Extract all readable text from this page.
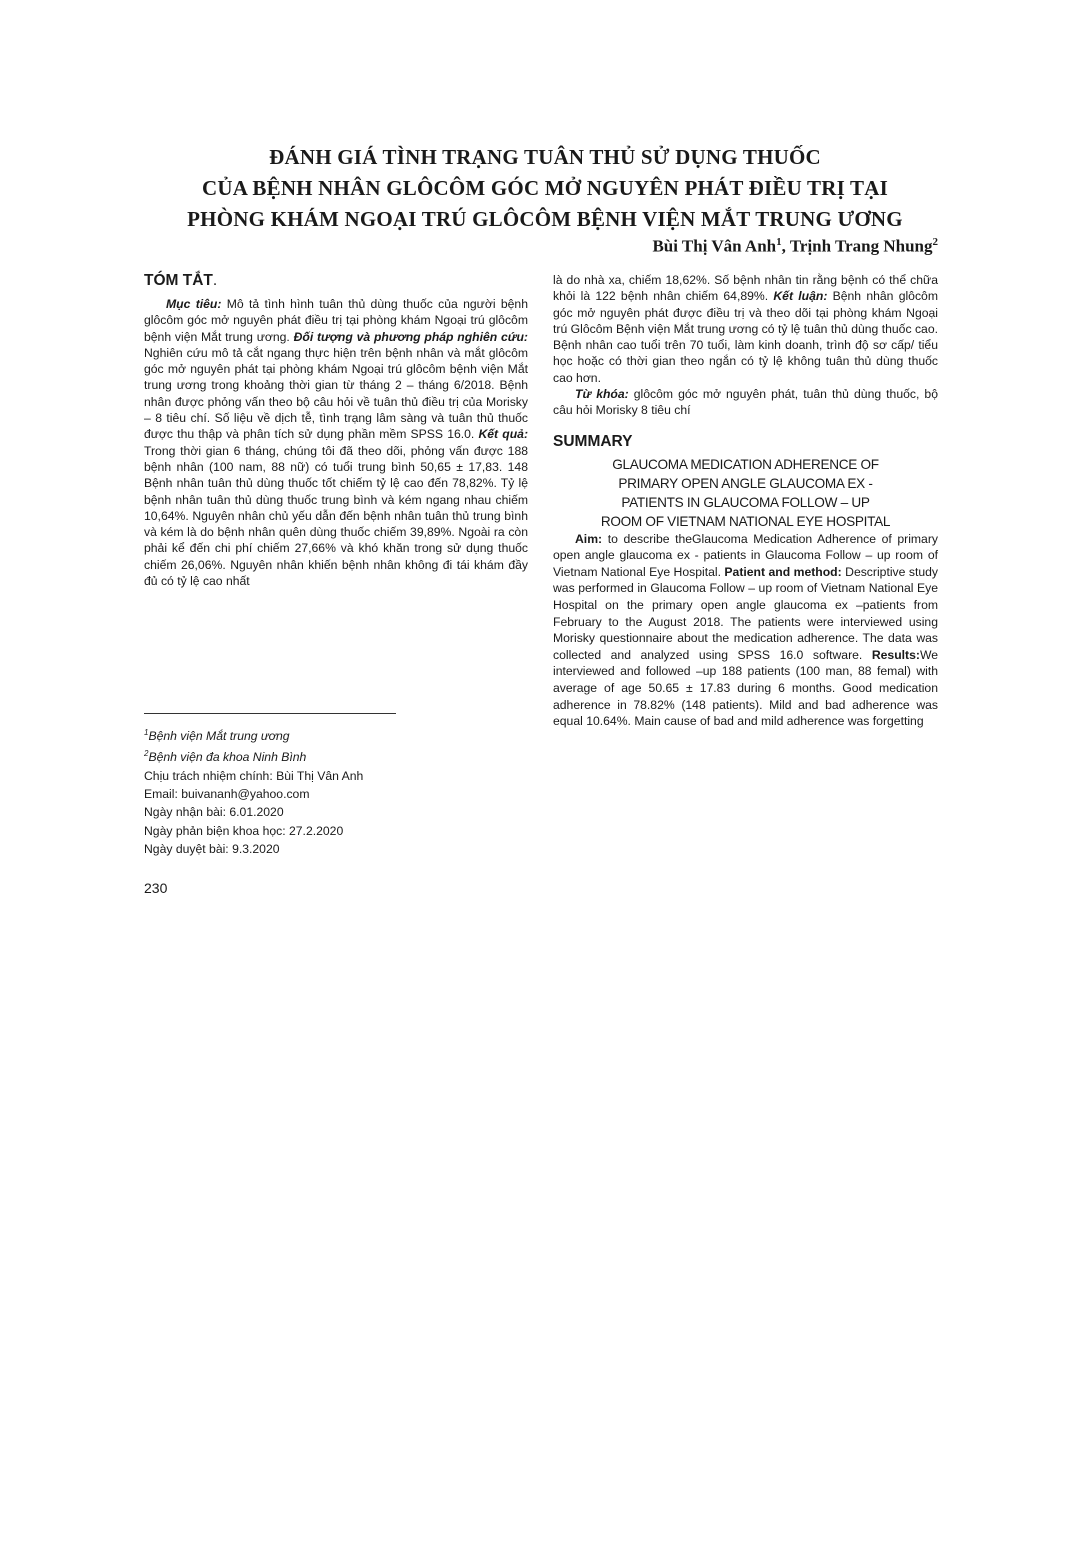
ĐÁNH GIÁ TÌNH TRẠNG TUÂN THỦ SỬ DỤNG THUỐC
CỦA BỆNH NHÂN GLÔCÔM GÓC MỞ NGUYÊN PHÁT ĐIỀU TRỊ TẠI
PHÒNG KHÁM NGOẠI TRÚ GLÔCÔM BỆNH VIỆN MẮT TRUNG ƯƠNG
Bùi Thị Vân Anh$^1$, Trịnh Trang Nhung$^2$
TÓM TẮT.

Mục tiêu: Mô tả tình hình tuân thủ dùng thuốc của người bệnh glôcôm góc mở nguyên phát điều trị tại phòng khám Ngoại trú glôcôm bệnh viện Mắt trung ương. Đối tượng và phương pháp nghiên cứu: Nghiên cứu mô tả cắt ngang thực hiện trên bệnh nhân và mắt glôcôm góc mở nguyên phát tại phòng khám Ngoại trú glôcôm bệnh viện Mắt trung ương trong khoảng thời gian từ tháng 2 – tháng 6/2018. Bệnh nhân được phỏng vấn theo bộ câu hỏi về tuân thủ điều trị của Morisky – 8 tiêu chí. Số liệu về dịch tễ, tình trạng lâm sàng và tuân thủ thuốc được thu thập và phân tích sử dụng phần mềm SPSS 16.0. Kết quả: Trong thời gian 6 tháng, chúng tôi đã theo dõi, phỏng vấn được 188 bệnh nhân (100 nam, 88 nữ) có tuổi trung bình 50,65 ± 17,83. 148 Bệnh nhân tuân thủ dùng thuốc tốt chiếm tỷ lệ cao đến 78,82%. Tỷ lệ bệnh nhân tuân thủ dùng thuốc trung bình và kém ngang nhau chiếm 10,64%. Nguyên nhân chủ yếu dẫn đến bệnh nhân tuân thủ trung bình và kém là do bệnh nhân quên dùng thuốc chiếm 39,89%. Ngoài ra còn phải kể đến chi phí chiếm 27,66% và khó khăn trong sử dụng thuốc chiếm 26,06%. Nguyên nhân khiến bệnh nhân không đi tái khám đầy đủ có tỷ lệ cao nhất

là do nhà xa, chiếm 18,62%. Số bệnh nhân tin rằng bệnh có thể chữa khỏi là 122 bệnh nhân chiếm 64,89%. Kết luận: Bệnh nhân glôcôm góc mở nguyên phát được điều trị và theo dõi tại phòng khám Ngoại trú Glôcôm Bệnh viện Mắt trung ương có tỷ lệ tuân thủ dùng thuốc cao. Bệnh nhân cao tuổi trên 70 tuổi, làm kinh doanh, trình độ sơ cấp/ tiểu học hoặc có thời gian theo ngắn có tỷ lệ không tuân thủ dùng thuốc cao hơn.

Từ khóa: glôcôm góc mở nguyên phát, tuân thủ dùng thuốc, bộ câu hỏi Morisky 8 tiêu chí

SUMMARY
GLAUCOMA MEDICATION ADHERENCE OF
PRIMARY OPEN ANGLE GLAUCOMA EX -
PATIENTS IN GLAUCOMA FOLLOW – UP
ROOM OF VIETNAM NATIONAL EYE HOSPITAL

Aim: to describe theGlaucoma Medication Adherence of primary open angle glaucoma ex - patients in Glaucoma Follow – up room of Vietnam National Eye Hospital. Patient and method: Descriptive study was performed in Glaucoma Follow – up room of Vietnam National Eye Hospital on the primary open angle glaucoma ex –patients from February to the August 2018. The patients were interviewed using Morisky questionnaire about the medication adherence. The data was collected and analyzed using SPSS 16.0 software. Results:We interviewed and followed –up 188 patients (100 man, 88 femal) with average of age 50.65 ± 17.83 during 6 months. Good medication adherence in 78.82% (148 patients). Mild and bad adherence was equal 10.64%. Main cause of bad and mild adherence was forgetting

$^1$Bệnh viện Mắt trung ương
$^2$Bệnh viện đa khoa Ninh Bình
Chịu trách nhiệm chính: Bùi Thị Vân Anh
Email: buivananh@yahoo.com
Ngày nhận bài: 6.01.2020
Ngày phản biện khoa học: 27.2.2020
Ngày duyệt bài: 9.3.2020
230
